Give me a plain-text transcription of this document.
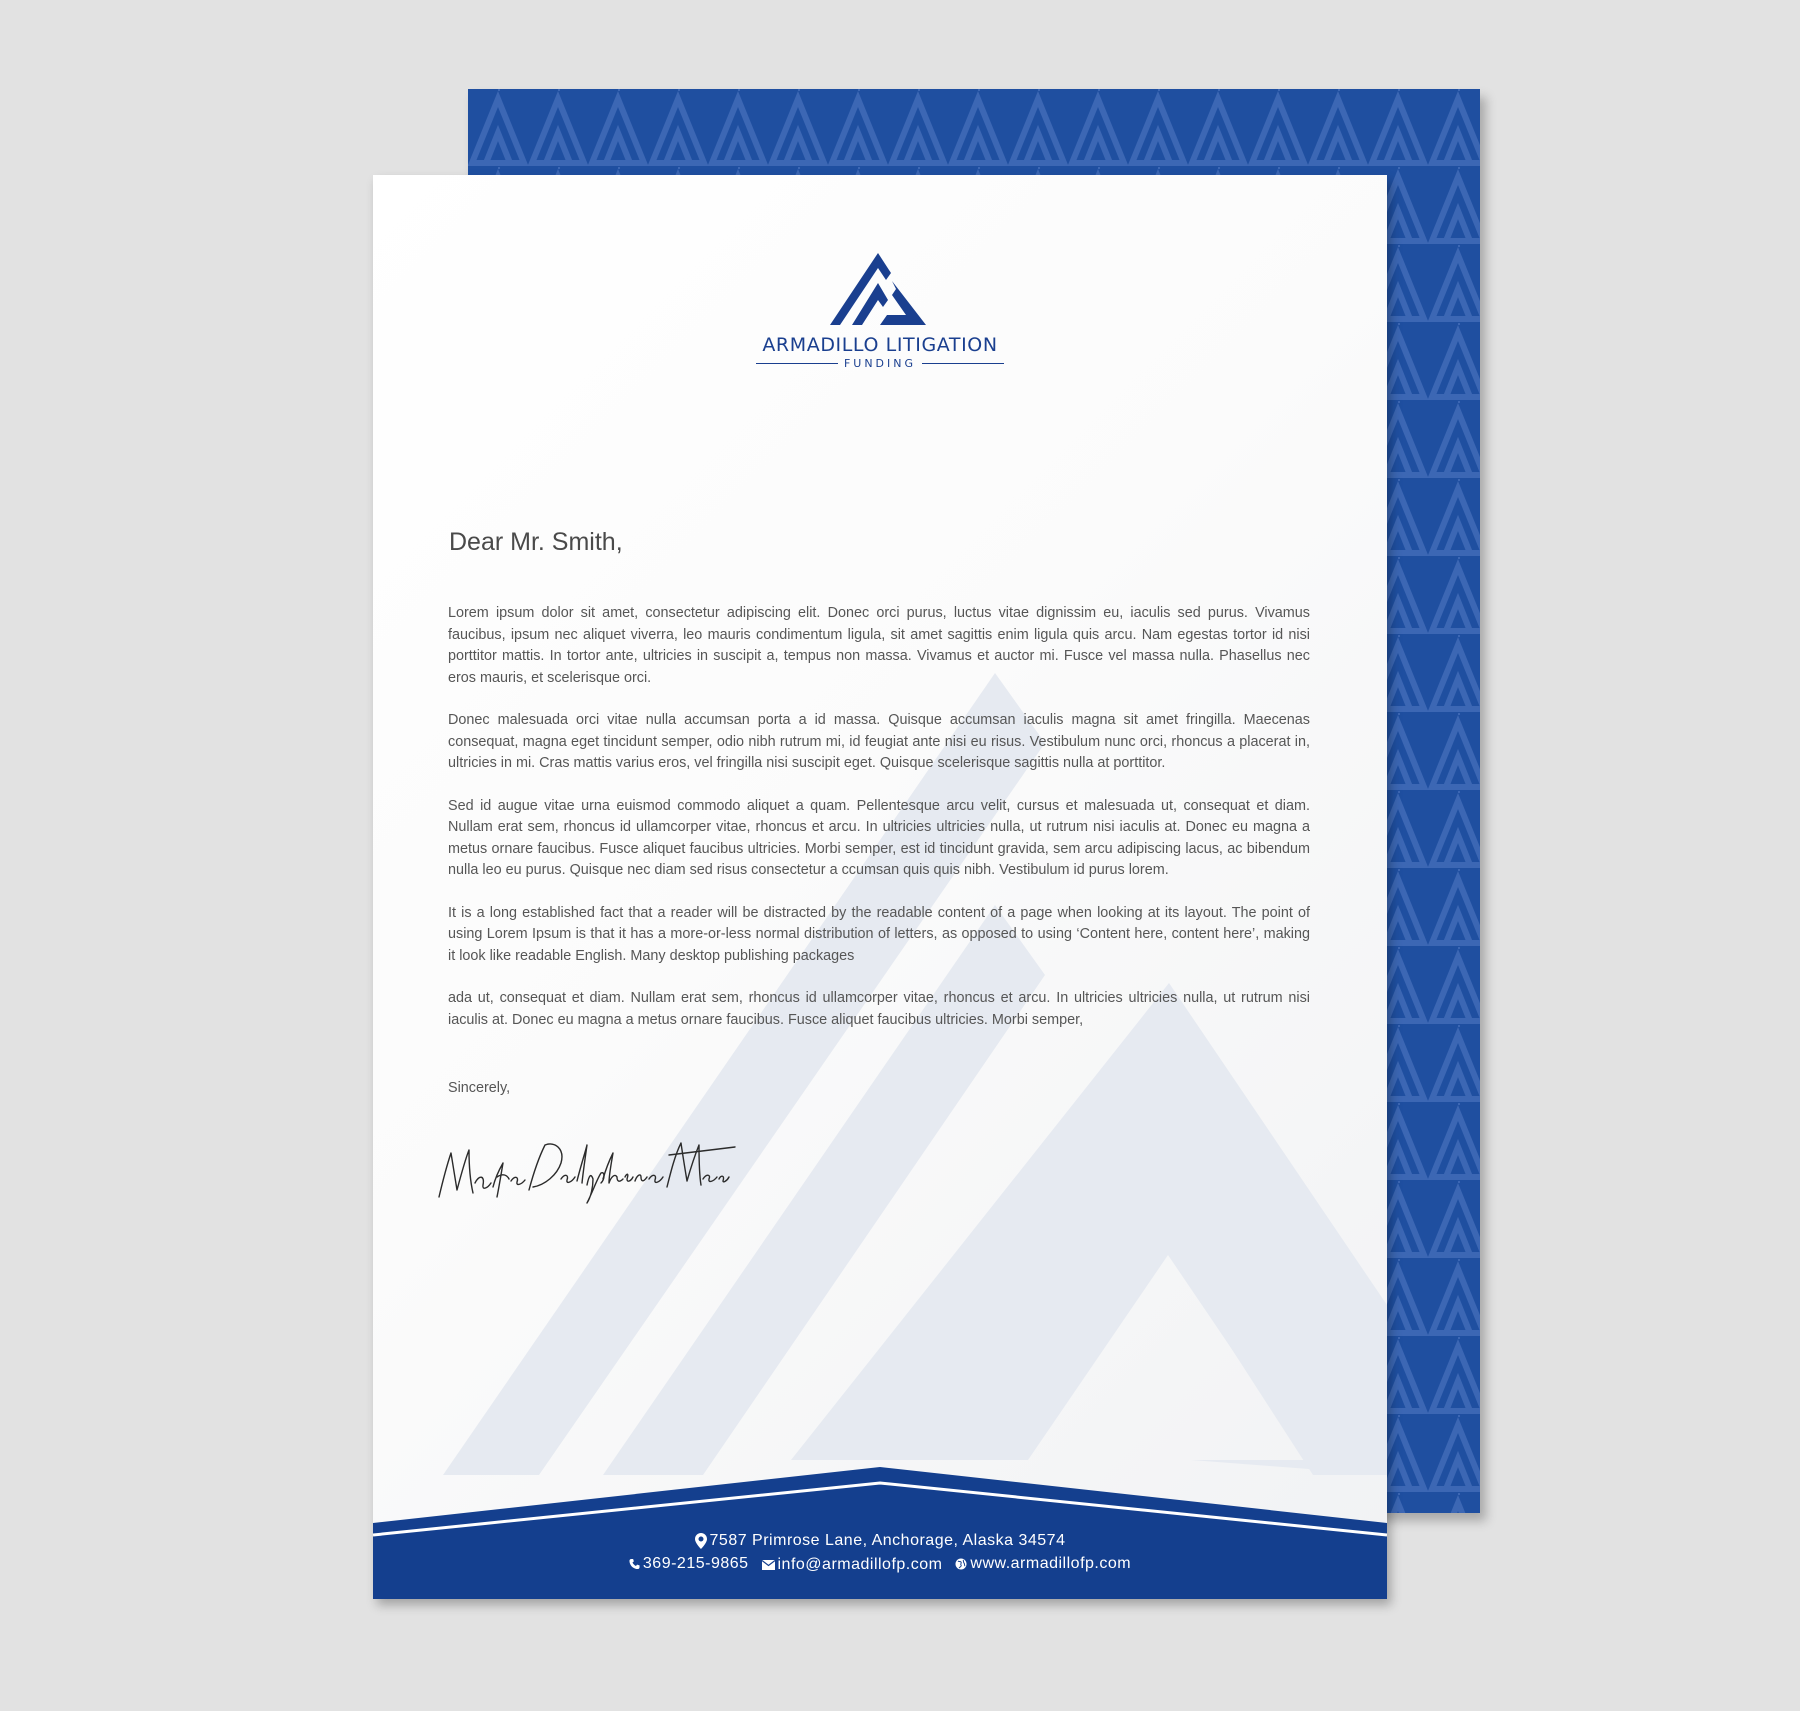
ARMADILLO LITIGATION
FUNDING
Dear Mr. Smith,

Lorem ipsum dolor sit amet, consectetur adipiscing elit. Donec orci purus, luctus vitae dignissim eu, iaculis sed purus. Vivamus faucibus, ipsum nec aliquet viverra, leo mauris condimentum ligula, sit amet sagittis enim ligula quis arcu. Nam egestas tortor id nisi porttitor mattis. In tortor ante, ultricies in suscipit a, tempus non massa. Vivamus et auctor mi. Fusce vel massa nulla. Phasellus nec eros mauris, et scelerisque orci.

Donec malesuada orci vitae nulla accumsan porta a id massa. Quisque accumsan iaculis magna sit amet fringilla. Maecenas consequat, magna eget tincidunt semper, odio nibh rutrum mi, id feugiat ante nisi eu risus. Vestibulum nunc orci, rhoncus a placerat in, ultricies in mi. Cras mattis varius eros, vel fringilla nisi suscipit eget. Quisque scelerisque sagittis nulla at porttitor.

Sed id augue vitae urna euismod commodo aliquet a quam. Pellentesque arcu velit, cursus et malesuada ut, consequat et diam. Nullam erat sem, rhoncus id ullamcorper vitae, rhoncus et arcu. In ultricies ultricies nulla, ut rutrum nisi iaculis at. Donec eu magna a metus ornare faucibus. Fusce aliquet faucibus ultricies. Morbi semper, est id tincidunt gravida, sem arcu adipiscing lacus, ac bibendum nulla leo eu purus. Quisque nec diam sed risus consectetur a ccumsan quis quis nibh. Vestibulum id purus lorem.

It is a long established fact that a reader will be distracted by the readable content of a page when looking at its layout. The point of using Lorem Ipsum is that it has a more-or-less normal distribution of letters, as opposed to using ‘Content here, content here’, making it look like readable English. Many desktop publishing packages

ada ut, consequat et diam. Nullam erat sem, rhoncus id ullamcorper vitae, rhoncus et arcu. In ultricies ultricies nulla, ut rutrum nisi iaculis at. Donec eu magna a metus ornare faucibus. Fusce aliquet faucibus ultricies. Morbi semper,

Sincerely,
7587 Primrose Lane, Anchorage, Alaska 34574
369-215-9865
info@armadillofp.com
www.armadillofp.com
